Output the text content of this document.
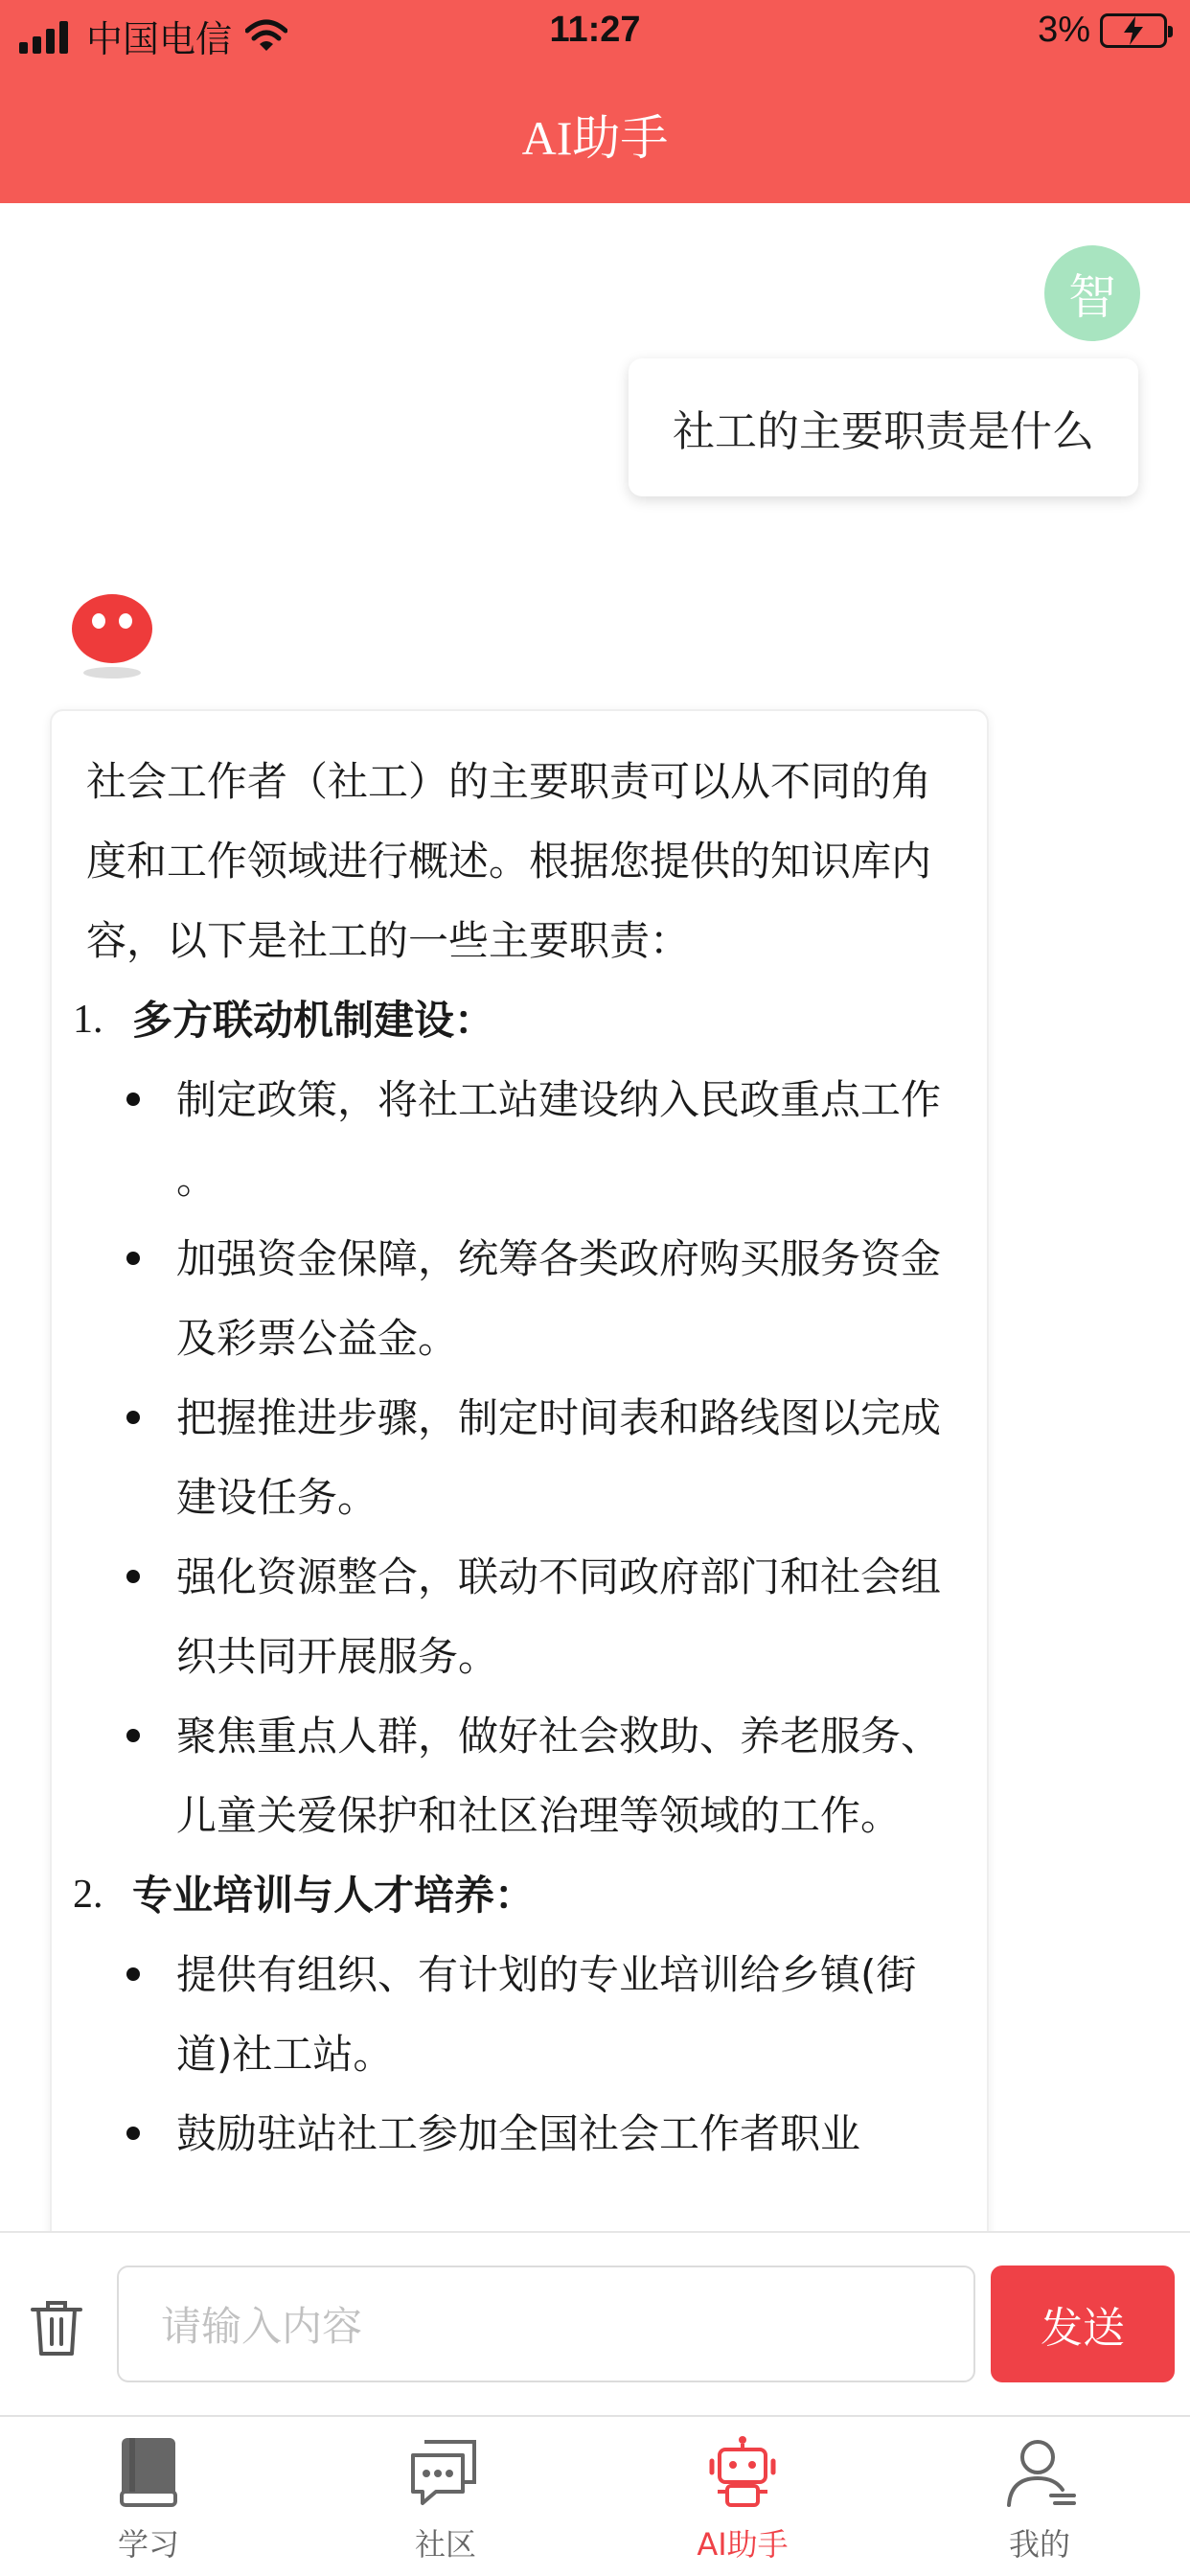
中国电信	11:27	3%
AI助手
智
社工的主要职责是什么
社会工作者（社工）的主要职责可以从不同的角度和工作领域进行概述。根据您提供的知识库内容，以下是社工的一些主要职责：
1. 多方联动机制建设：
制定政策，将社工站建设纳入民政重点工作 。
加强资金保障，统筹各类政府购买服务资金及彩票公益金。
把握推进步骤，制定时间表和路线图以完成建设任务。
强化资源整合，联动不同政府部门和社会组织共同开展服务。
聚焦重点人群，做好社会救助、养老服务、儿童关爱保护和社区治理等领域的工作。
2. 专业培训与人才培养：
提供有组织、有计划的专业培训给乡镇(街道)社工站。
鼓励驻站社工参加全国社会工作者职业
请输入内容	发送
学习	社区	AI助手	我的
